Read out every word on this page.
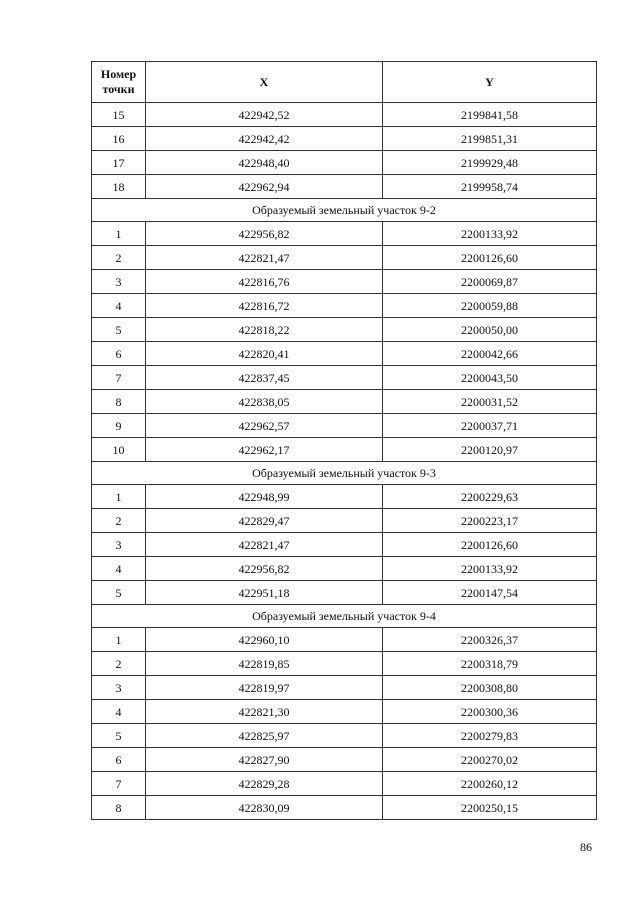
Номер точки	X	Y
15	422942,52	2199841,58
16	422942,42	2199851,31
17	422948,40	2199929,48
18	422962,94	2199958,74
Образуемый земельный участок 9-2		
1	422956,82	2200133,92
2	422821,47	2200126,60
3	422816,76	2200069,87
4	422816,72	2200059,88
5	422818,22	2200050,00
6	422820,41	2200042,66
7	422837,45	2200043,50
8	422838,05	2200031,52
9	422962,57	2200037,71
10	422962,17	2200120,97
Образуемый земельный участок 9-3		
1	422948,99	2200229,63
2	422829,47	2200223,17
3	422821,47	2200126,60
4	422956,82	2200133,92
5	422951,18	2200147,54
Образуемый земельный участок 9-4		
1	422960,10	2200326,37
2	422819,85	2200318,79
3	422819,97	2200308,80
4	422821,30	2200300,36
5	422825,97	2200279,83
6	422827,90	2200270,02
7	422829,28	2200260,12
8	422830,09	2200250,15
86
